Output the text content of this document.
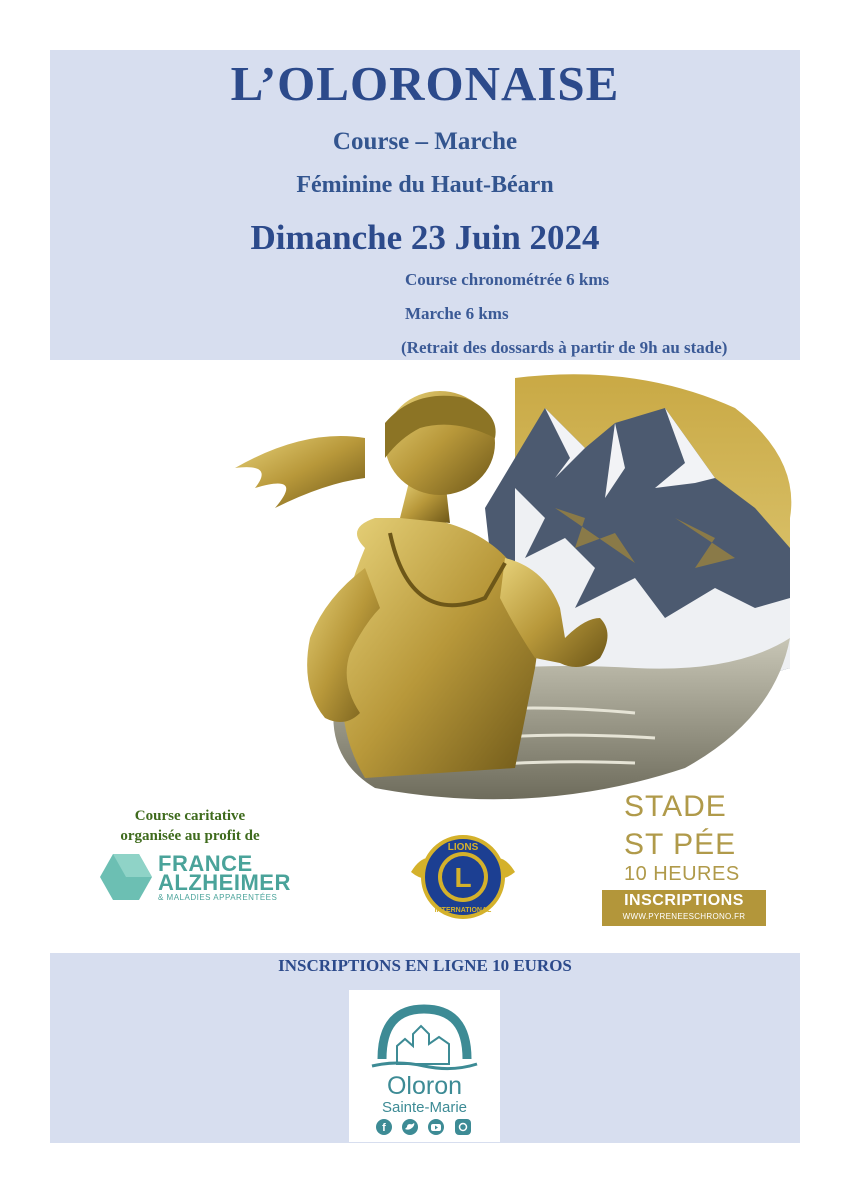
L’OLORONAISE
Course – Marche
Féminine du Haut-Béarn
Dimanche 23 Juin 2024
Course chronométrée 6 kms
Marche 6 kms
(Retrait des dossards à partir de 9h au stade)
Course caritative
organisée au profit de
FRANCE
ALZHEIMER
& MALADIES APPARENTÉES
LIONS
L
INTERNATIONAL
STADE
ST PÉE
10 HEURES
INSCRIPTIONS
WWW.PYRENEESCHRONO.FR
INSCRIPTIONS EN LIGNE 10 EUROS
Oloron
Sainte-Marie
f
